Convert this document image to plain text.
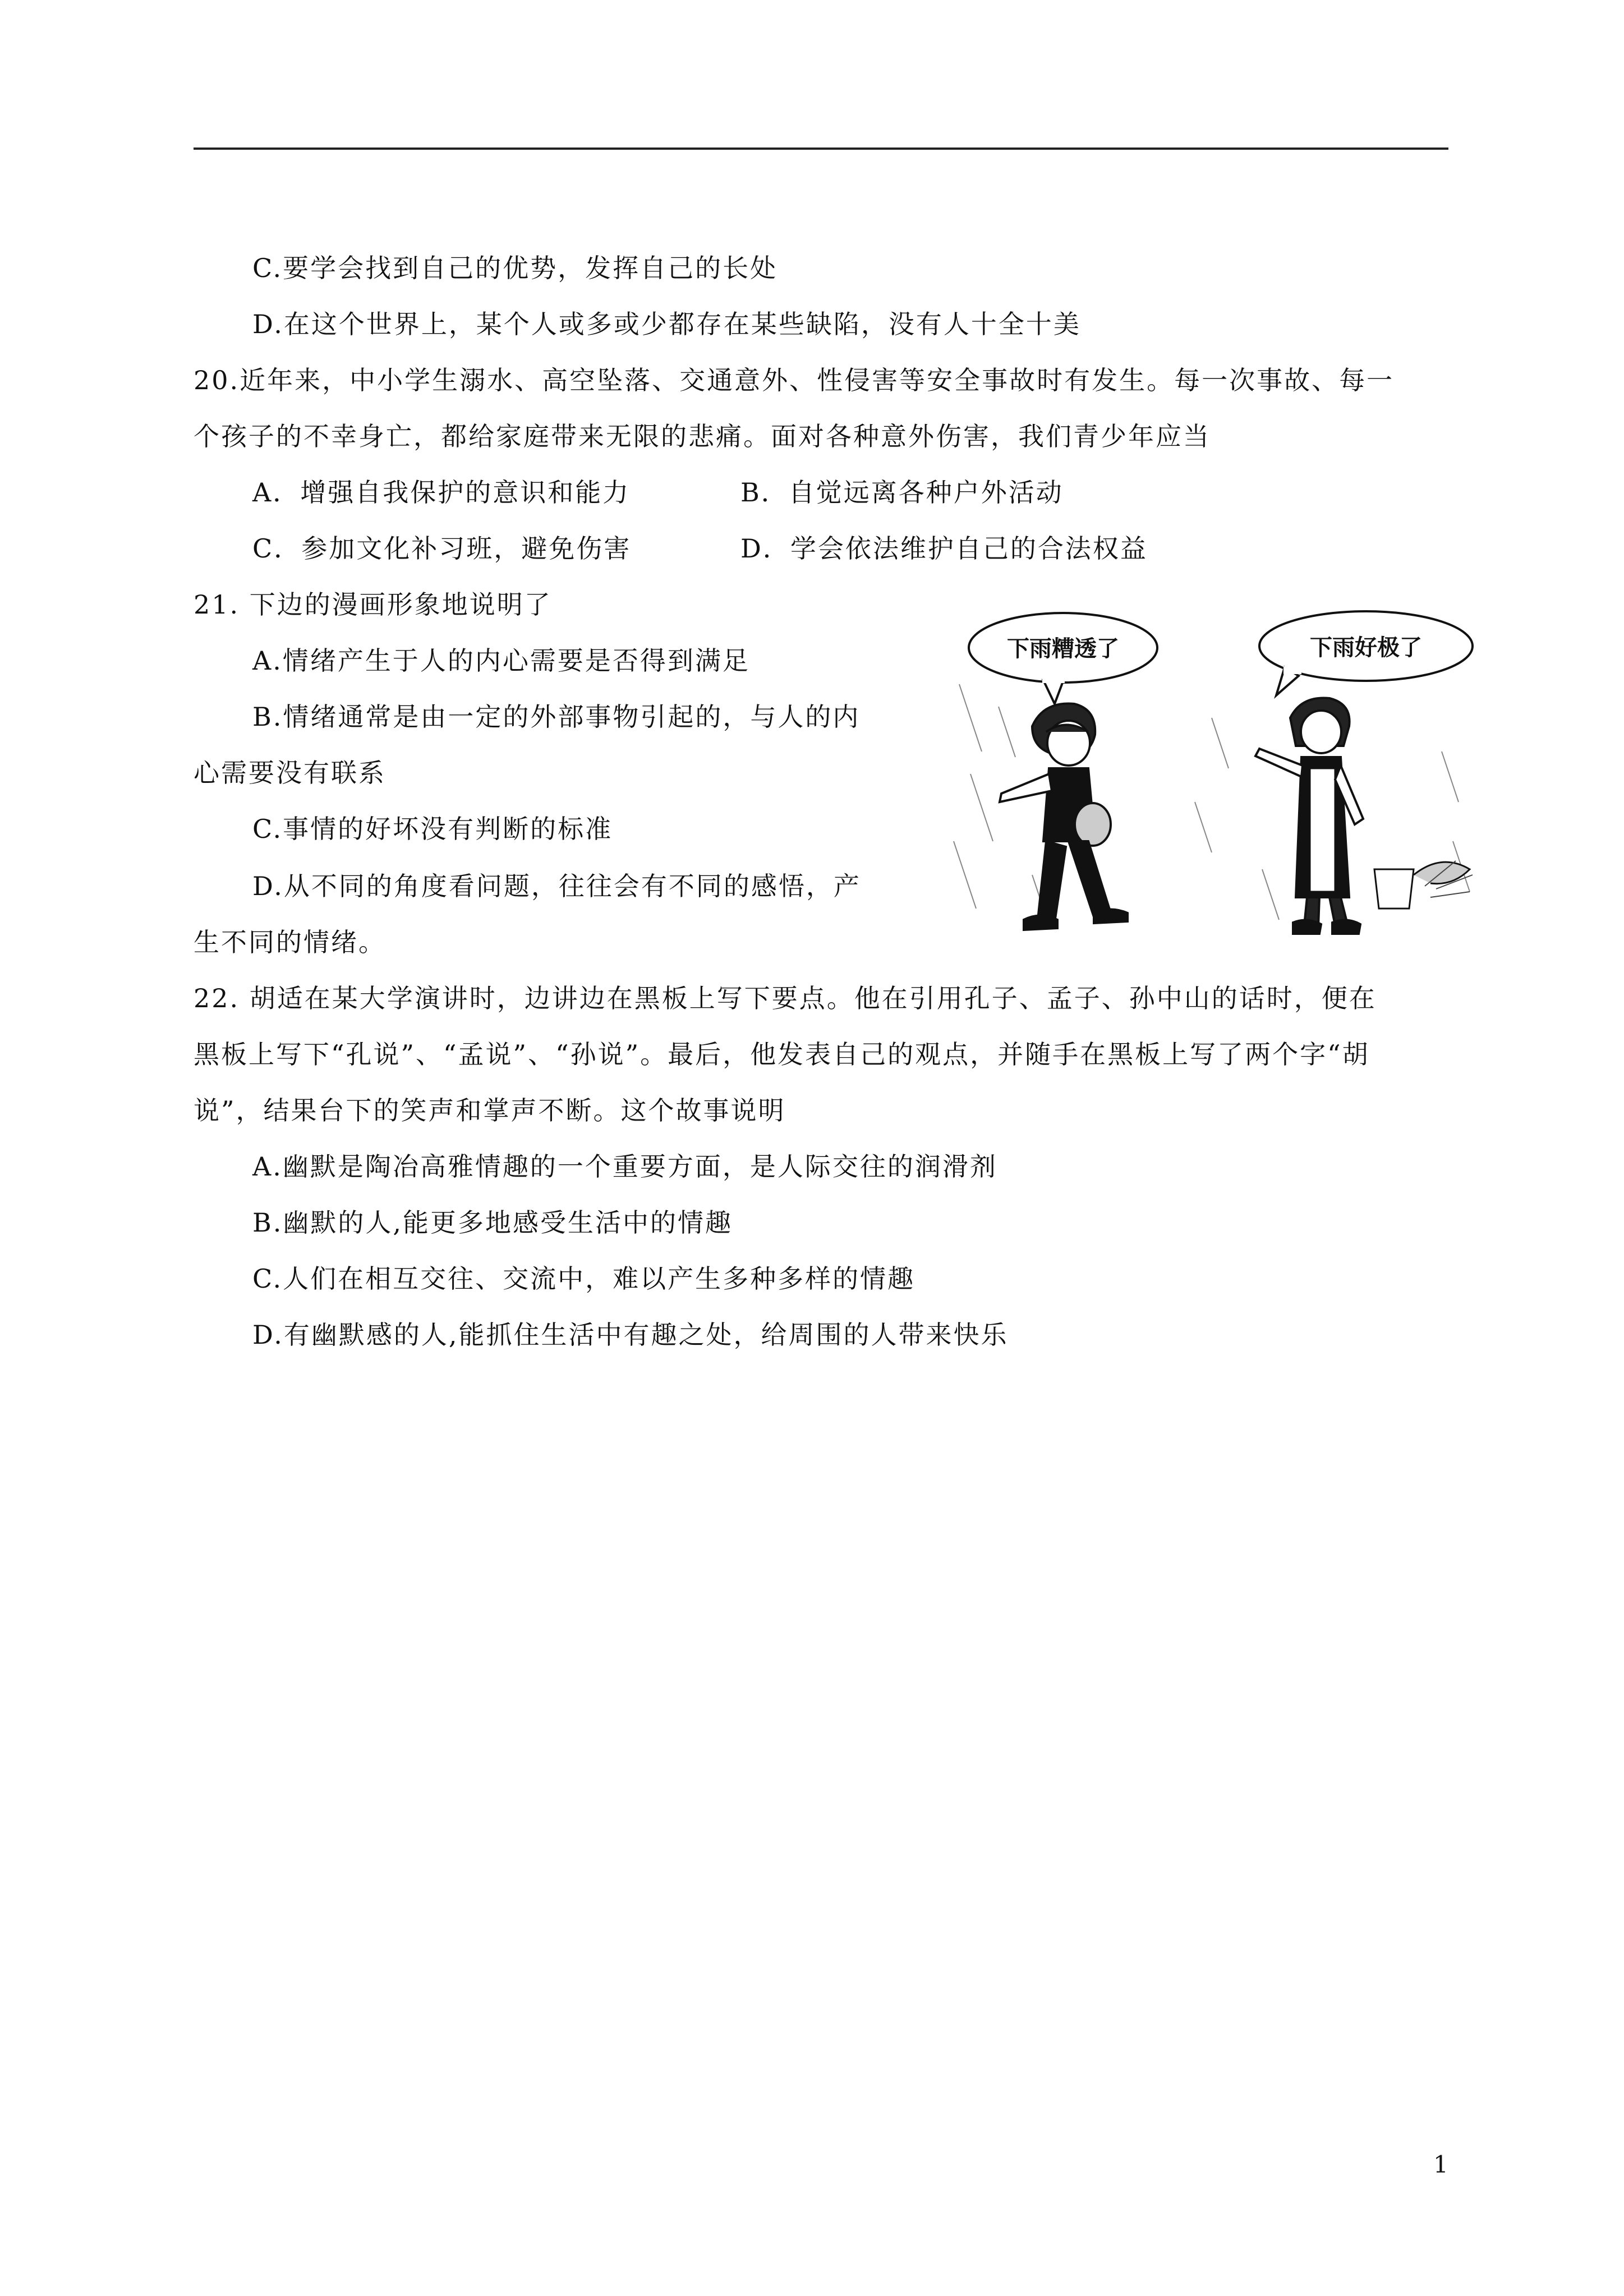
C.要学会找到自己的优势，发挥自己的长处
D.在这个世界上，某个人或多或少都存在某些缺陷，没有人十全十美
20.近年来，中小学生溺水、高空坠落、交通意外、性侵害等安全事故时有发生。每一次事故、每一
个孩子的不幸身亡，都给家庭带来无限的悲痛。面对各种意外伤害，我们青少年应当
A．增强自我保护的意识和能力	B．自觉远离各种户外活动
C．参加文化补习班，避免伤害	D．学会依法维护自己的合法权益
21. 下边的漫画形象地说明了
A.情绪产生于人的内心需要是否得到满足
B.情绪通常是由一定的外部事物引起的，与人的内
心需要没有联系
C.事情的好坏没有判断的标准
D.从不同的角度看问题，往往会有不同的感悟，产
生不同的情绪。
22. 胡适在某大学演讲时，边讲边在黑板上写下要点。他在引用孔子、孟子、孙中山的话时，便在
黑板上写下“孔说”、“孟说”、“孙说”。最后，他发表自己的观点，并随手在黑板上写了两个字“胡
说”，结果台下的笑声和掌声不断。这个故事说明
A.幽默是陶冶高雅情趣的一个重要方面，是人际交往的润滑剂
B.幽默的人,能更多地感受生活中的情趣
C.人们在相互交往、交流中，难以产生多种多样的情趣
D.有幽默感的人,能抓住生活中有趣之处，给周围的人带来快乐
下雨糟透了	下雨好极了
1
